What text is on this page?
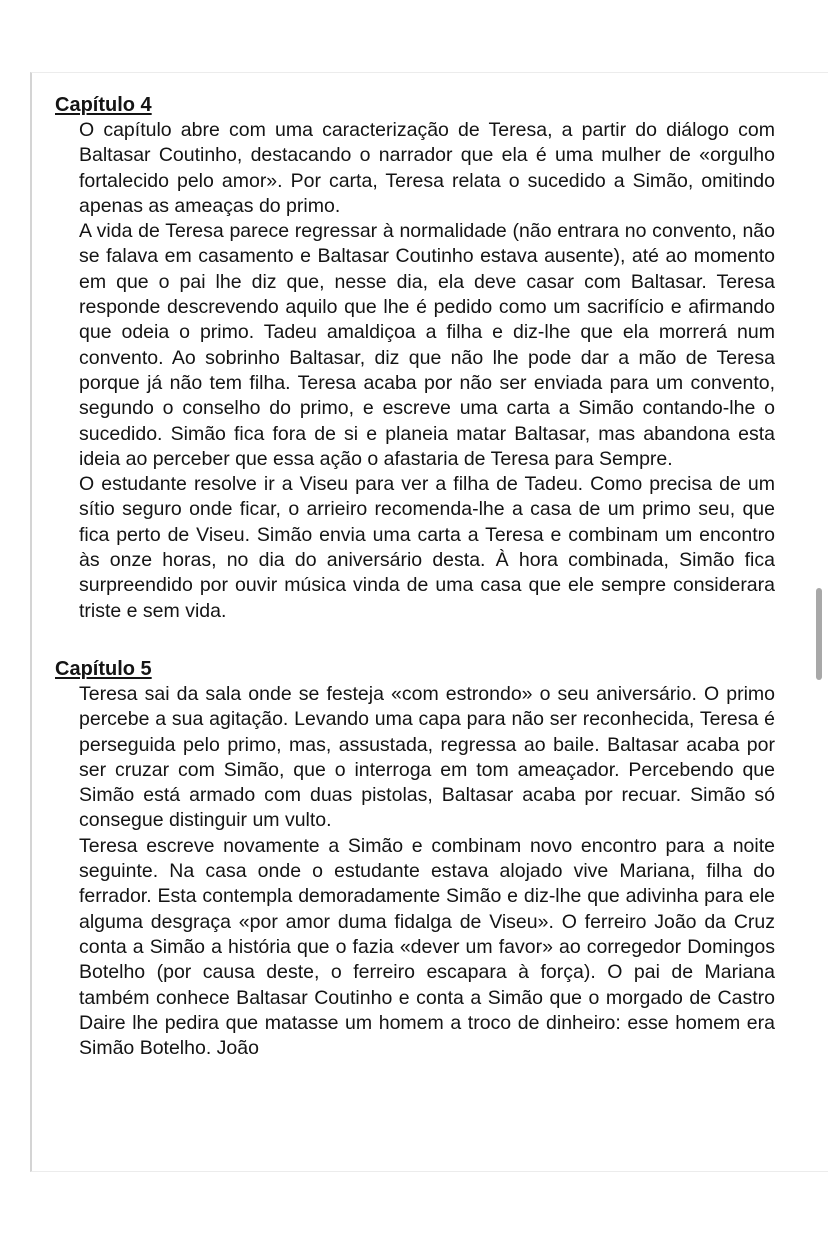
Capítulo 4

O capítulo abre com uma caracterização de Teresa, a partir do diálogo com Baltasar Coutinho, destacando o narrador que ela é uma mulher de «orgulho fortalecido pelo amor». Por carta, Teresa relata o sucedido a Simão, omitindo apenas as ameaças do primo.

A vida de Teresa parece regressar à normalidade (não entrara no convento, não se falava em casamento e Baltasar Coutinho estava ausente), até ao momento em que o pai lhe diz que, nesse dia, ela deve casar com Baltasar. Teresa responde descrevendo aquilo que lhe é pedido como um sacrifício e afirmando que odeia o primo. Tadeu amaldiçoa a filha e diz-lhe que ela morrerá num convento. Ao sobrinho Baltasar, diz que não lhe pode dar a mão de Teresa porque já não tem filha. Teresa acaba por não ser enviada para um convento, segundo o conselho do primo, e escreve uma carta a Simão contando-lhe o sucedido. Simão fica fora de si e planeia matar Baltasar, mas abandona esta ideia ao perceber que essa ação o afastaria de Teresa para Sempre.

O estudante resolve ir a Viseu para ver a filha de Tadeu. Como precisa de um sítio seguro onde ficar, o arrieiro recomenda-lhe a casa de um primo seu, que fica perto de Viseu. Simão envia uma carta a Teresa e combinam um encontro às onze horas, no dia do aniversário desta. À hora combinada, Simão fica surpreendido por ouvir música vinda de uma casa que ele sempre considerara triste e sem vida.

Capítulo 5

Teresa sai da sala onde se festeja «com estrondo» o seu aniversário. O primo percebe a sua agitação. Levando uma capa para não ser reconhecida, Teresa é perseguida pelo primo, mas, assustada, regressa ao baile. Baltasar acaba por ser cruzar com Simão, que o interroga em tom ameaçador. Percebendo que Simão está armado com duas pistolas, Baltasar acaba por recuar. Simão só consegue distinguir um vulto.

Teresa escreve novamente a Simão e combinam novo encontro para a noite seguinte. Na casa onde o estudante estava alojado vive Mariana, filha do ferrador. Esta contempla demoradamente Simão e diz-lhe que adivinha para ele alguma desgraça «por amor duma fidalga de Viseu». O ferreiro João da Cruz conta a Simão a história que o fazia «dever um favor» ao corregedor Domingos Botelho (por causa deste, o ferreiro escapara à força). O pai de Mariana também conhece Baltasar Coutinho e conta a Simão que o morgado de Castro Daire lhe pedira que matasse um homem a troco de dinheiro: esse homem era Simão Botelho. João
